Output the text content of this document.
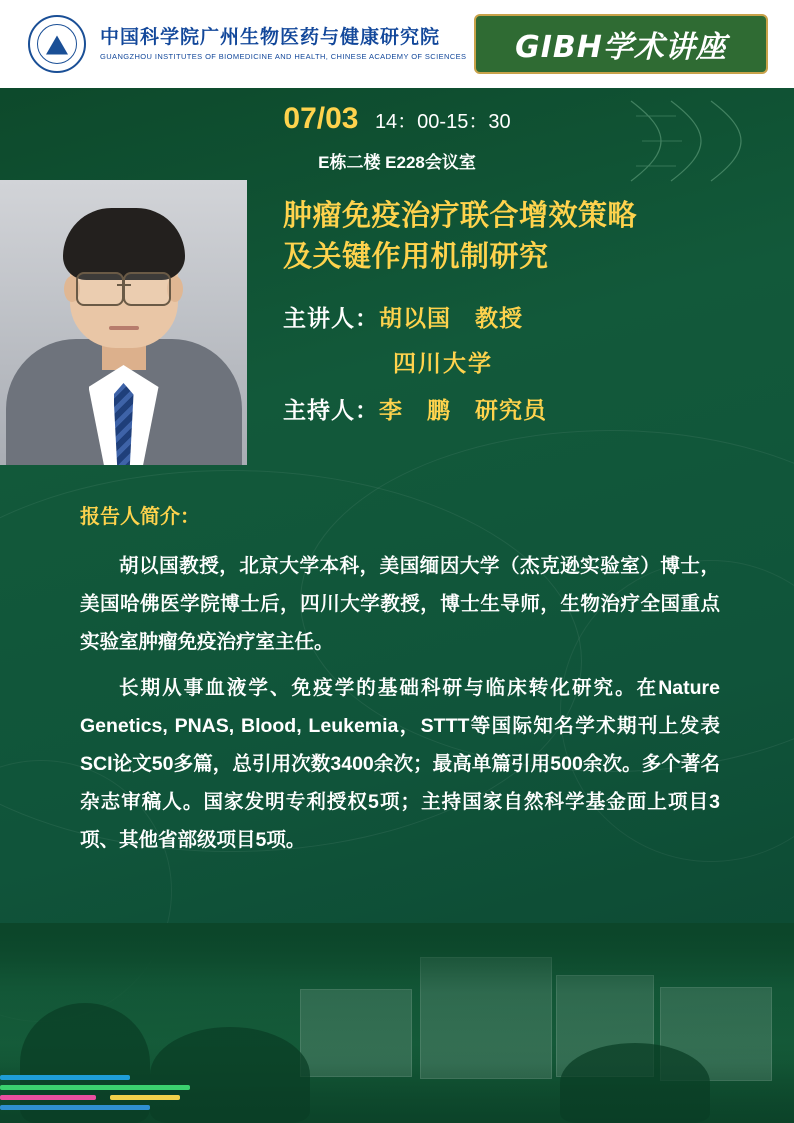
中国科学院广州生物医药与健康研究院
GUANGZHOU INSTITUTES OF BIOMEDICINE AND HEALTH, CHINESE ACADEMY OF SCIENCES GIBH学术讲座
07/03 14：00-15：30
E栋二楼 E228会议室
肿瘤免疫治疗联合增效策略
及关键作用机制研究
主讲人：胡以国　教授
四川大学
主持人：李　鹏　研究员
报告人简介：

胡以国教授，北京大学本科，美国缅因大学（杰克逊实验室）博士，美国哈佛医学院博士后，四川大学教授，博士生导师，生物治疗全国重点实验室肿瘤免疫治疗室主任。

长期从事血液学、免疫学的基础科研与临床转化研究。在Nature Genetics, PNAS, Blood, Leukemia，STTT等国际知名学术期刊上发表SCI论文50多篇，总引用次数3400余次；最高单篇引用500余次。多个著名杂志审稿人。国家发明专利授权5项；主持国家自然科学基金面上项目3项、其他省部级项目5项。
